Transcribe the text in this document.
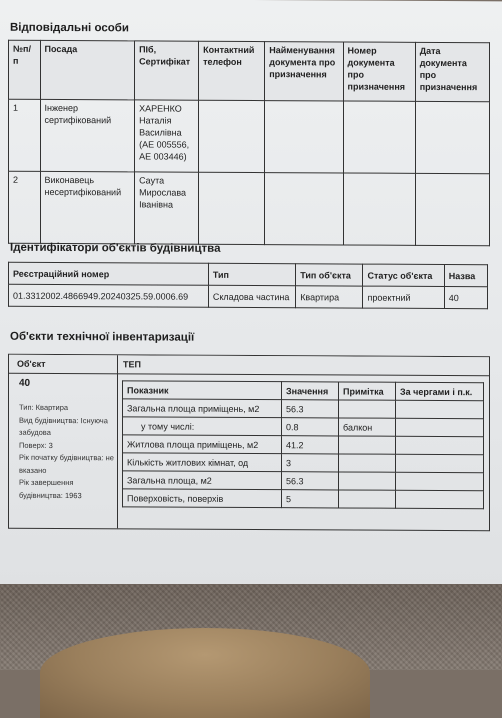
Відповідальні особи
№п/п	Посада	ПІб, Сертифікат	Контактний телефон	Найменування документа про призначення	Номер документа про призначення	Дата документа про призначення
1	Інженер сертифікований	ХАРЕНКО Наталія Василівна (АЕ 005556, АЕ 003446)				
2	Виконавець несертифікований	Саута Мирослава Іванівна				
Ідентифікатори об'єктів будівництва
Реєстраційний номер	Тип	Тип об'єкта	Статус об'єкта	Назва
01.3312002.4866949.20240325.59.0006.69	Складова частина	Квартира	проектний	40
Об'єкти технічної інвентаризації
Об'єкт	ТЕП
40
Тип: Квартира
Вид будівництва: Існуюча забудова
Поверх: 3
Рік початку будівництва: не вказано
Рік завершення будівництва: 1963
Показник	Значення	Примітка	За чергами і п.к.
Загальна площа приміщень, м2	56.3		
у тому числі:	0.8	балкон	
Житлова площа приміщень, м2	41.2		
Кількість житлових кімнат, од	3		
Загальна площа, м2	56.3		
Поверховість, поверхів	5		
